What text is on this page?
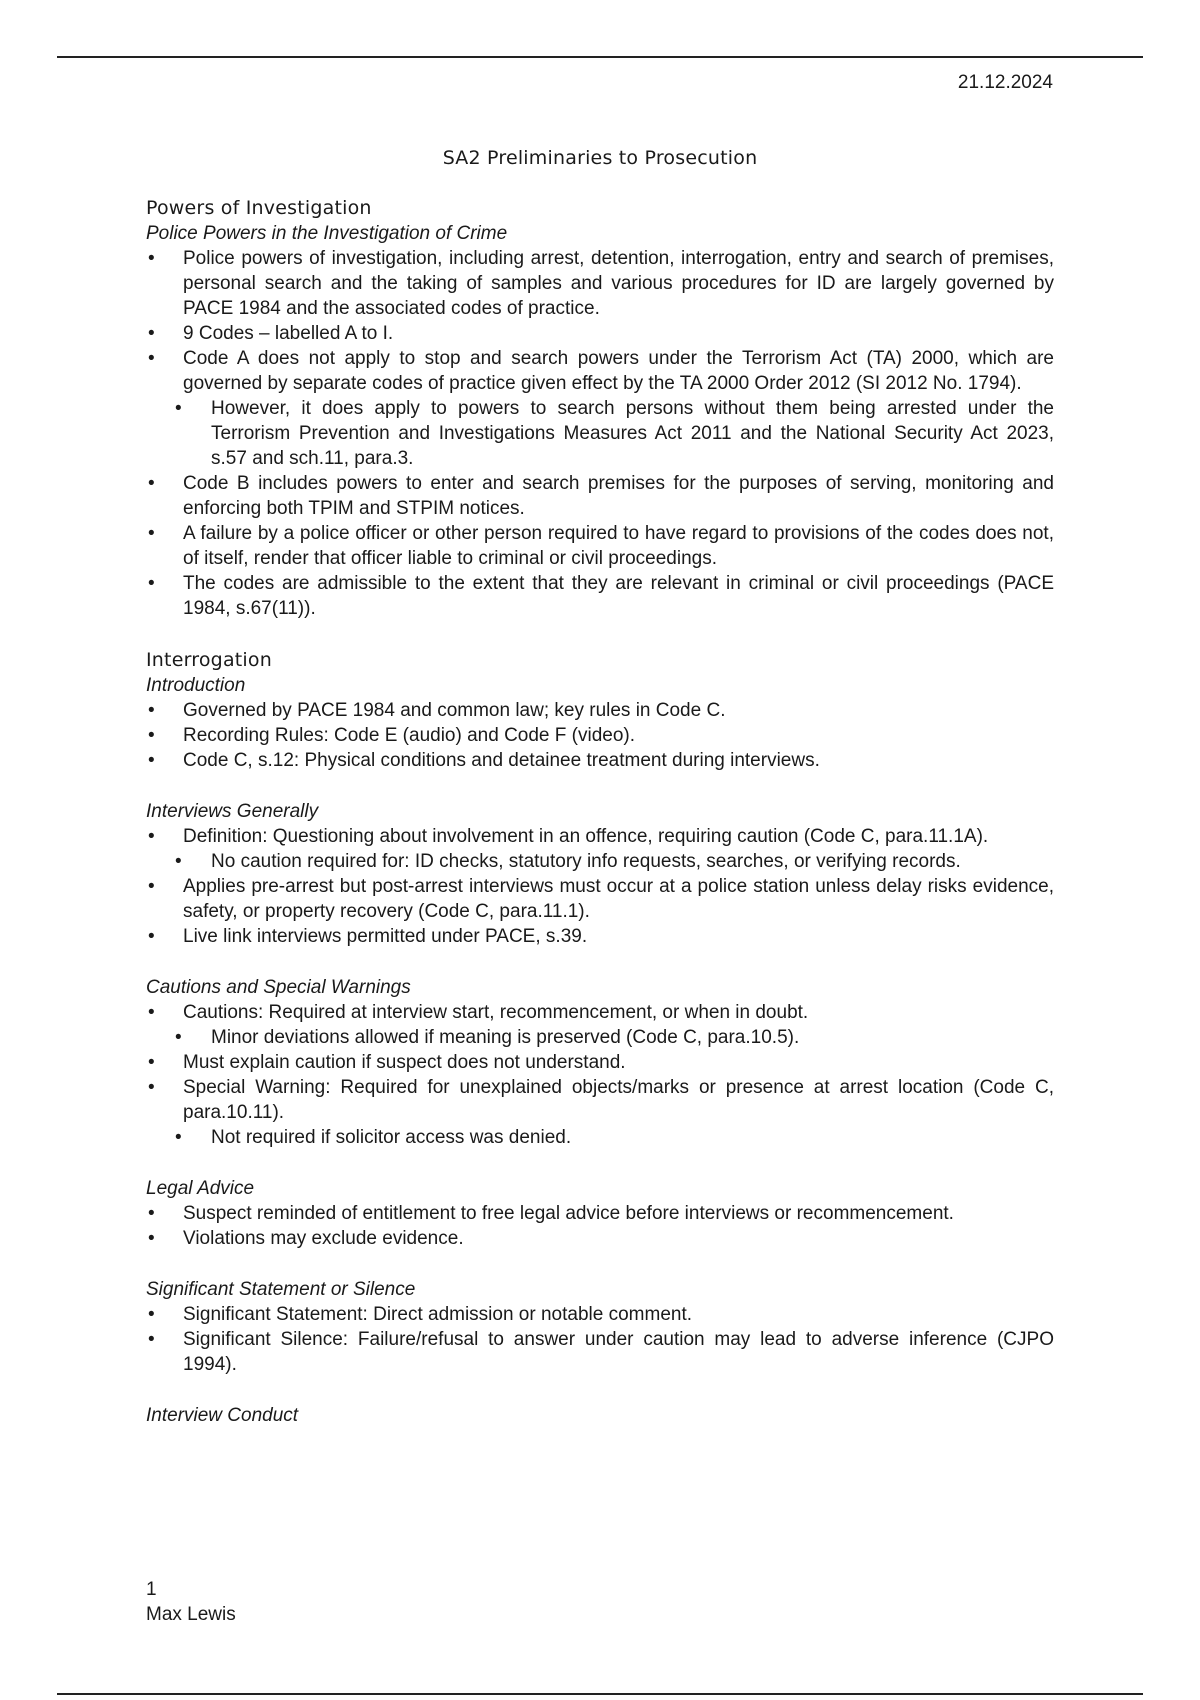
21.12.2024
SA2 Preliminaries to Prosecution
Powers of Investigation
Police Powers in the Investigation of Crime
• Police powers of investigation, including arrest, detention, interrogation, entry and search of premises, personal search and the taking of samples and various procedures for ID are largely governed by PACE 1984 and the associated codes of practice.
• 9 Codes – labelled A to I.
• Code A does not apply to stop and search powers under the Terrorism Act (TA) 2000, which are governed by separate codes of practice given effect by the TA 2000 Order 2012 (SI 2012 No. 1794).
• However, it does apply to powers to search persons without them being arrested under the Terrorism Prevention and Investigations Measures Act 2011 and the National Security Act 2023, s.57 and sch.11, para.3.
• Code B includes powers to enter and search premises for the purposes of serving, monitoring and enforcing both TPIM and STPIM notices.
• A failure by a police officer or other person required to have regard to provisions of the codes does not, of itself, render that officer liable to criminal or civil proceedings.
• The codes are admissible to the extent that they are relevant in criminal or civil proceedings (PACE 1984, s.67(11)).
Interrogation
Introduction
• Governed by PACE 1984 and common law; key rules in Code C.
• Recording Rules: Code E (audio) and Code F (video).
• Code C, s.12: Physical conditions and detainee treatment during interviews.
Interviews Generally
• Definition: Questioning about involvement in an offence, requiring caution (Code C, para.11.1A).
• No caution required for: ID checks, statutory info requests, searches, or verifying records.
• Applies pre-arrest but post-arrest interviews must occur at a police station unless delay risks evidence, safety, or property recovery (Code C, para.11.1).
• Live link interviews permitted under PACE, s.39.
Cautions and Special Warnings
• Cautions: Required at interview start, recommencement, or when in doubt.
• Minor deviations allowed if meaning is preserved (Code C, para.10.5).
• Must explain caution if suspect does not understand.
• Special Warning: Required for unexplained objects/marks or presence at arrest location (Code C, para.10.11).
• Not required if solicitor access was denied.
Legal Advice
• Suspect reminded of entitlement to free legal advice before interviews or recommencement.
• Violations may exclude evidence.
Significant Statement or Silence
• Significant Statement: Direct admission or notable comment.
• Significant Silence: Failure/refusal to answer under caution may lead to adverse inference (CJPO 1994).
Interview Conduct
1
Max Lewis
